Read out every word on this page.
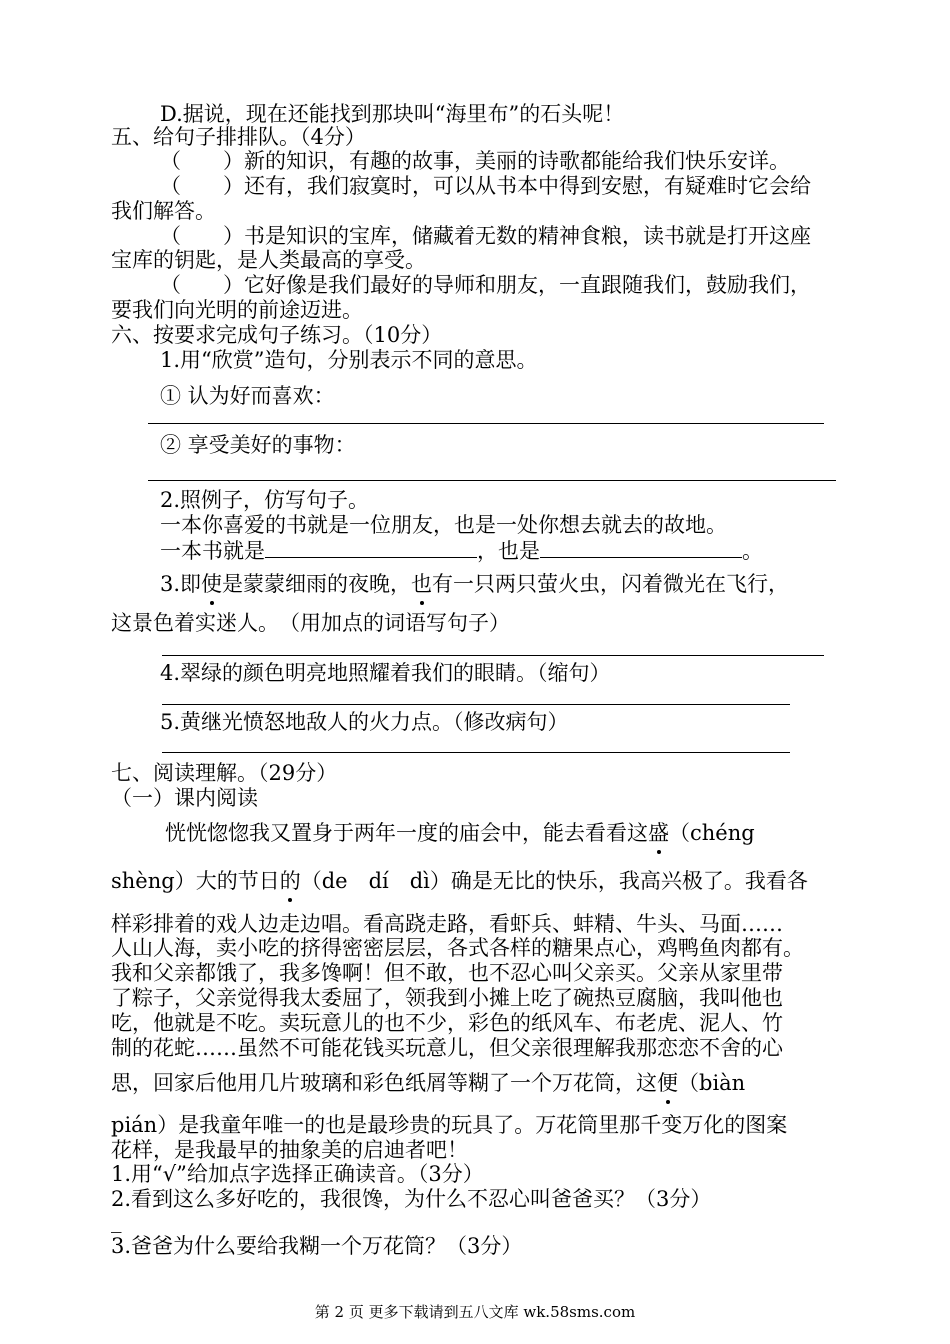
D.据说，现在还能找到那块叫“海里布”的石头呢！
五、给句子排排队。（4分）
（　　）新的知识，有趣的故事，美丽的诗歌都能给我们快乐安详。
（　　）还有，我们寂寞时，可以从书本中得到安慰，有疑难时它会给
我们解答。
（　　）书是知识的宝库，储藏着无数的精神食粮，读书就是打开这座
宝库的钥匙，是人类最高的享受。
（　　）它好像是我们最好的导师和朋友，一直跟随我们，鼓励我们，
要我们向光明的前途迈进。
六、按要求完成句子练习。（10分）
1.用“欣赏”造句，分别表示不同的意思。
① 认为好而喜欢：
② 享受美好的事物：
2.照例子，仿写句子。
一本你喜爱的书就是一位朋友，也是一处你想去就去的故地。
一本书就是	，也是	。
3.即使是蒙蒙细雨的夜晚，也有一只两只萤火虫，闪着微光在飞行，
这景色着实迷人。　（用加点的词语写句子）
4.翠绿的颜色明亮地照耀着我们的眼睛。（缩句）
5.黄继光愤怒地敌人的火力点。（修改病句）
七、阅读理解。（29分）
（一）课内阅读
恍恍惚惚我又置身于两年一度的庙会中，能去看看这盛（chéng
shèng）大的节日的（de　dí　dì）确是无比的快乐，我高兴极了。我看各
样彩排着的戏人边走边唱。看高跷走路，看虾兵、蚌精、牛头、马面……
人山人海，卖小吃的挤得密密层层，各式各样的糖果点心，鸡鸭鱼肉都有。
我和父亲都饿了，我多馋啊！但不敢，也不忍心叫父亲买。父亲从家里带
了粽子，父亲觉得我太委屈了，领我到小摊上吃了碗热豆腐脑，我叫他也
吃，他就是不吃。卖玩意儿的也不少，彩色的纸风车、布老虎、泥人、竹
制的花蛇……虽然不可能花钱买玩意儿，但父亲很理解我那恋恋不舍的心
思，回家后他用几片玻璃和彩色纸屑等糊了一个万花筒，这便（biàn
pián）是我童年唯一的也是最珍贵的玩具了。万花筒里那千变万化的图案
花样，是我最早的抽象美的启迪者吧！
1.用“√”给加点字选择正确读音。（3分）
2.看到这么多好吃的，我很馋，为什么不忍心叫爸爸买？（3分）
_
3.爸爸为什么要给我糊一个万花筒？（3分）
第 2 页 更多下载请到五八文库 wk.58sms.com
